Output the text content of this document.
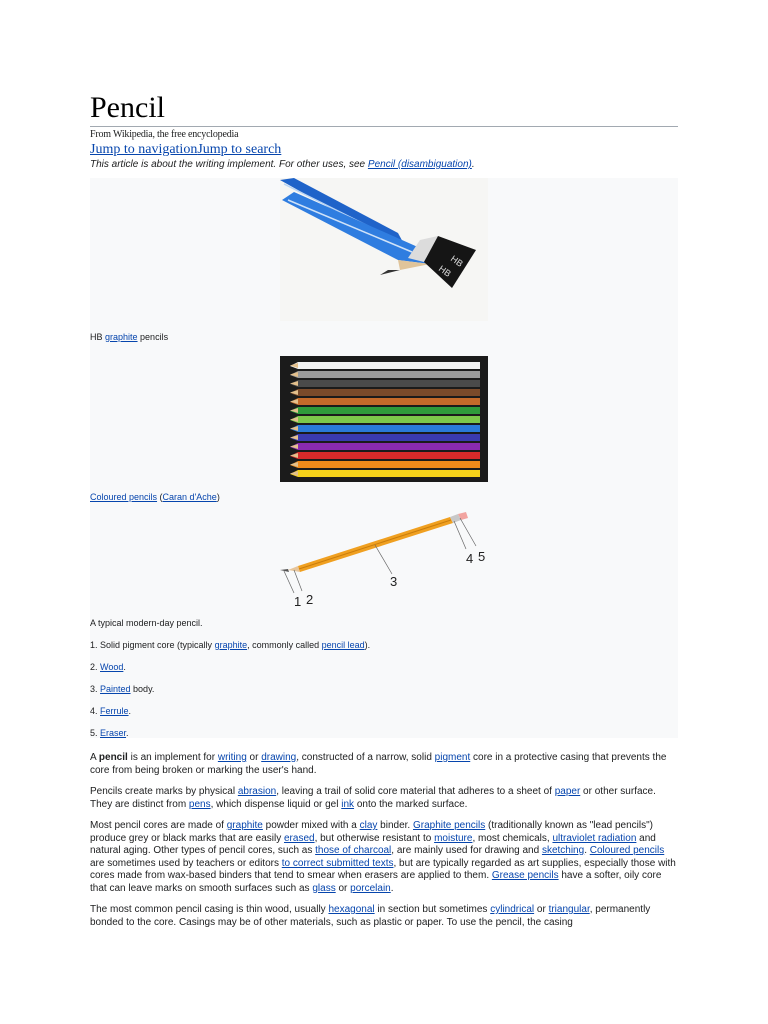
Pencil
From Wikipedia, the free encyclopedia
Jump to navigationJump to search
This article is about the writing implement. For other uses, see Pencil (disambiguation).
HB
HB
HB graphite pencils
Coloured pencils (Caran d'Ache)
1 2
3
4 5
A typical modern-day pencil.
1. Solid pigment core (typically graphite, commonly called pencil lead).
2. Wood.
3. Painted body.
4. Ferrule.
5. Eraser.

A pencil is an implement for writing or drawing, constructed of a narrow, solid pigment core in a protective casing that prevents the core from being broken or marking the user's hand.

Pencils create marks by physical abrasion, leaving a trail of solid core material that adheres to a sheet of paper or other surface. They are distinct from pens, which dispense liquid or gel ink onto the marked surface.

Most pencil cores are made of graphite powder mixed with a clay binder. Graphite pencils (traditionally known as "lead pencils") produce grey or black marks that are easily erased, but otherwise resistant to moisture, most chemicals, ultraviolet radiation and natural aging. Other types of pencil cores, such as those of charcoal, are mainly used for drawing and sketching. Coloured pencils are sometimes used by teachers or editors to correct submitted texts, but are typically regarded as art supplies, especially those with cores made from wax-based binders that tend to smear when erasers are applied to them. Grease pencils have a softer, oily core that can leave marks on smooth surfaces such as glass or porcelain.

The most common pencil casing is thin wood, usually hexagonal in section but sometimes cylindrical or triangular, permanently bonded to the core. Casings may be of other materials, such as plastic or paper. To use the pencil, the casing
